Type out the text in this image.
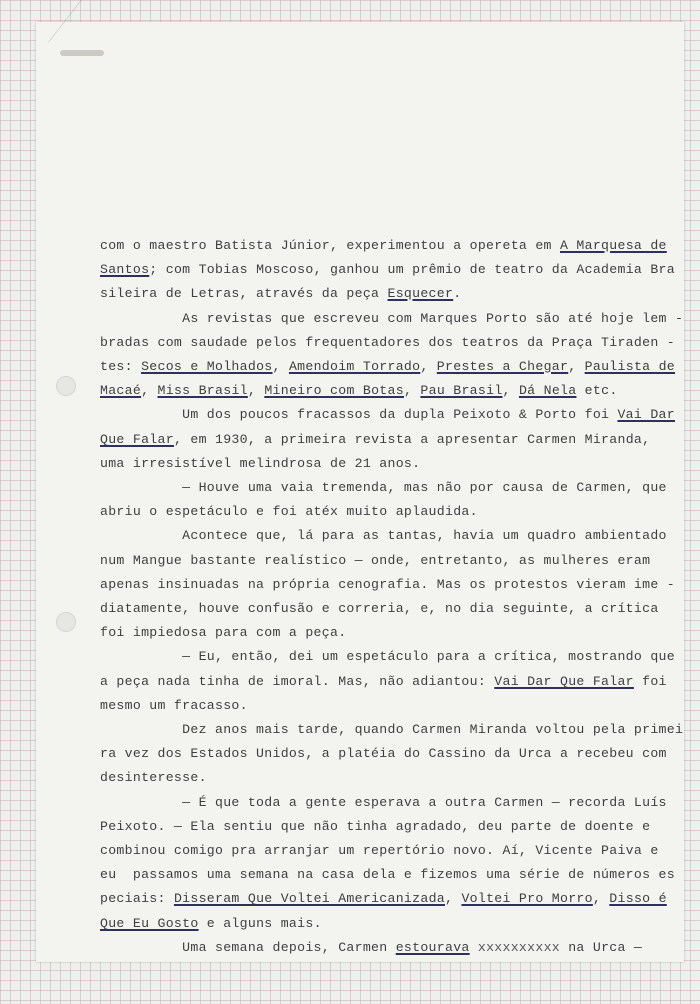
com o maestro Batista Júnior, experimentou a opereta em A Marquesa de
Santos; com Tobias Moscoso, ganhou um prêmio de teatro da Academia Bra
sileira de Letras, através da peça Esquecer.
As revistas que escreveu com Marques Porto são até hoje lem -
bradas com saudade pelos frequentadores dos teatros da Praça Tiraden -
tes: Secos e Molhados, Amendoim Torrado, Prestes a Chegar, Paulista de
Macaé, Miss Brasil, Mineiro com Botas, Pau Brasil, Dá Nela etc.
Um dos poucos fracassos da dupla Peixoto & Porto foi Vai Dar
Que Falar, em 1930, a primeira revista a apresentar Carmen Miranda,
uma irresistível melindrosa de 21 anos.
— Houve uma vaia tremenda, mas não por causa de Carmen, que
abriu o espetáculo e foi atéx muito aplaudida.
Acontece que, lá para as tantas, havia um quadro ambientado
num Mangue bastante realístico — onde, entretanto, as mulheres eram
apenas insinuadas na própria cenografia. Mas os protestos vieram ime -
diatamente, houve confusão e correria, e, no dia seguinte, a crítica
foi impiedosa para com a peça.
— Eu, então, dei um espetáculo para a crítica, mostrando que
a peça nada tinha de imoral. Mas, não adiantou: Vai Dar Que Falar foi
mesmo um fracasso.
Dez anos mais tarde, quando Carmen Miranda voltou pela primei
ra vez dos Estados Unidos, a platéia do Cassino da Urca a recebeu com
desinteresse.
— É que toda a gente esperava a outra Carmen — recorda Luís
Peixoto. — Ela sentiu que não tinha agradado, deu parte de doente e
combinou comigo pra arranjar um repertório novo. Aí, Vicente Paiva e
eu  passamos uma semana na casa dela e fizemos uma série de números es
peciais: Disseram Que Voltei Americanizada, Voltei Pro Morro, Disso é
Que Eu Gosto e alguns mais.
Uma semana depois, Carmen estourava xxxxxxxxxx na Urca —
